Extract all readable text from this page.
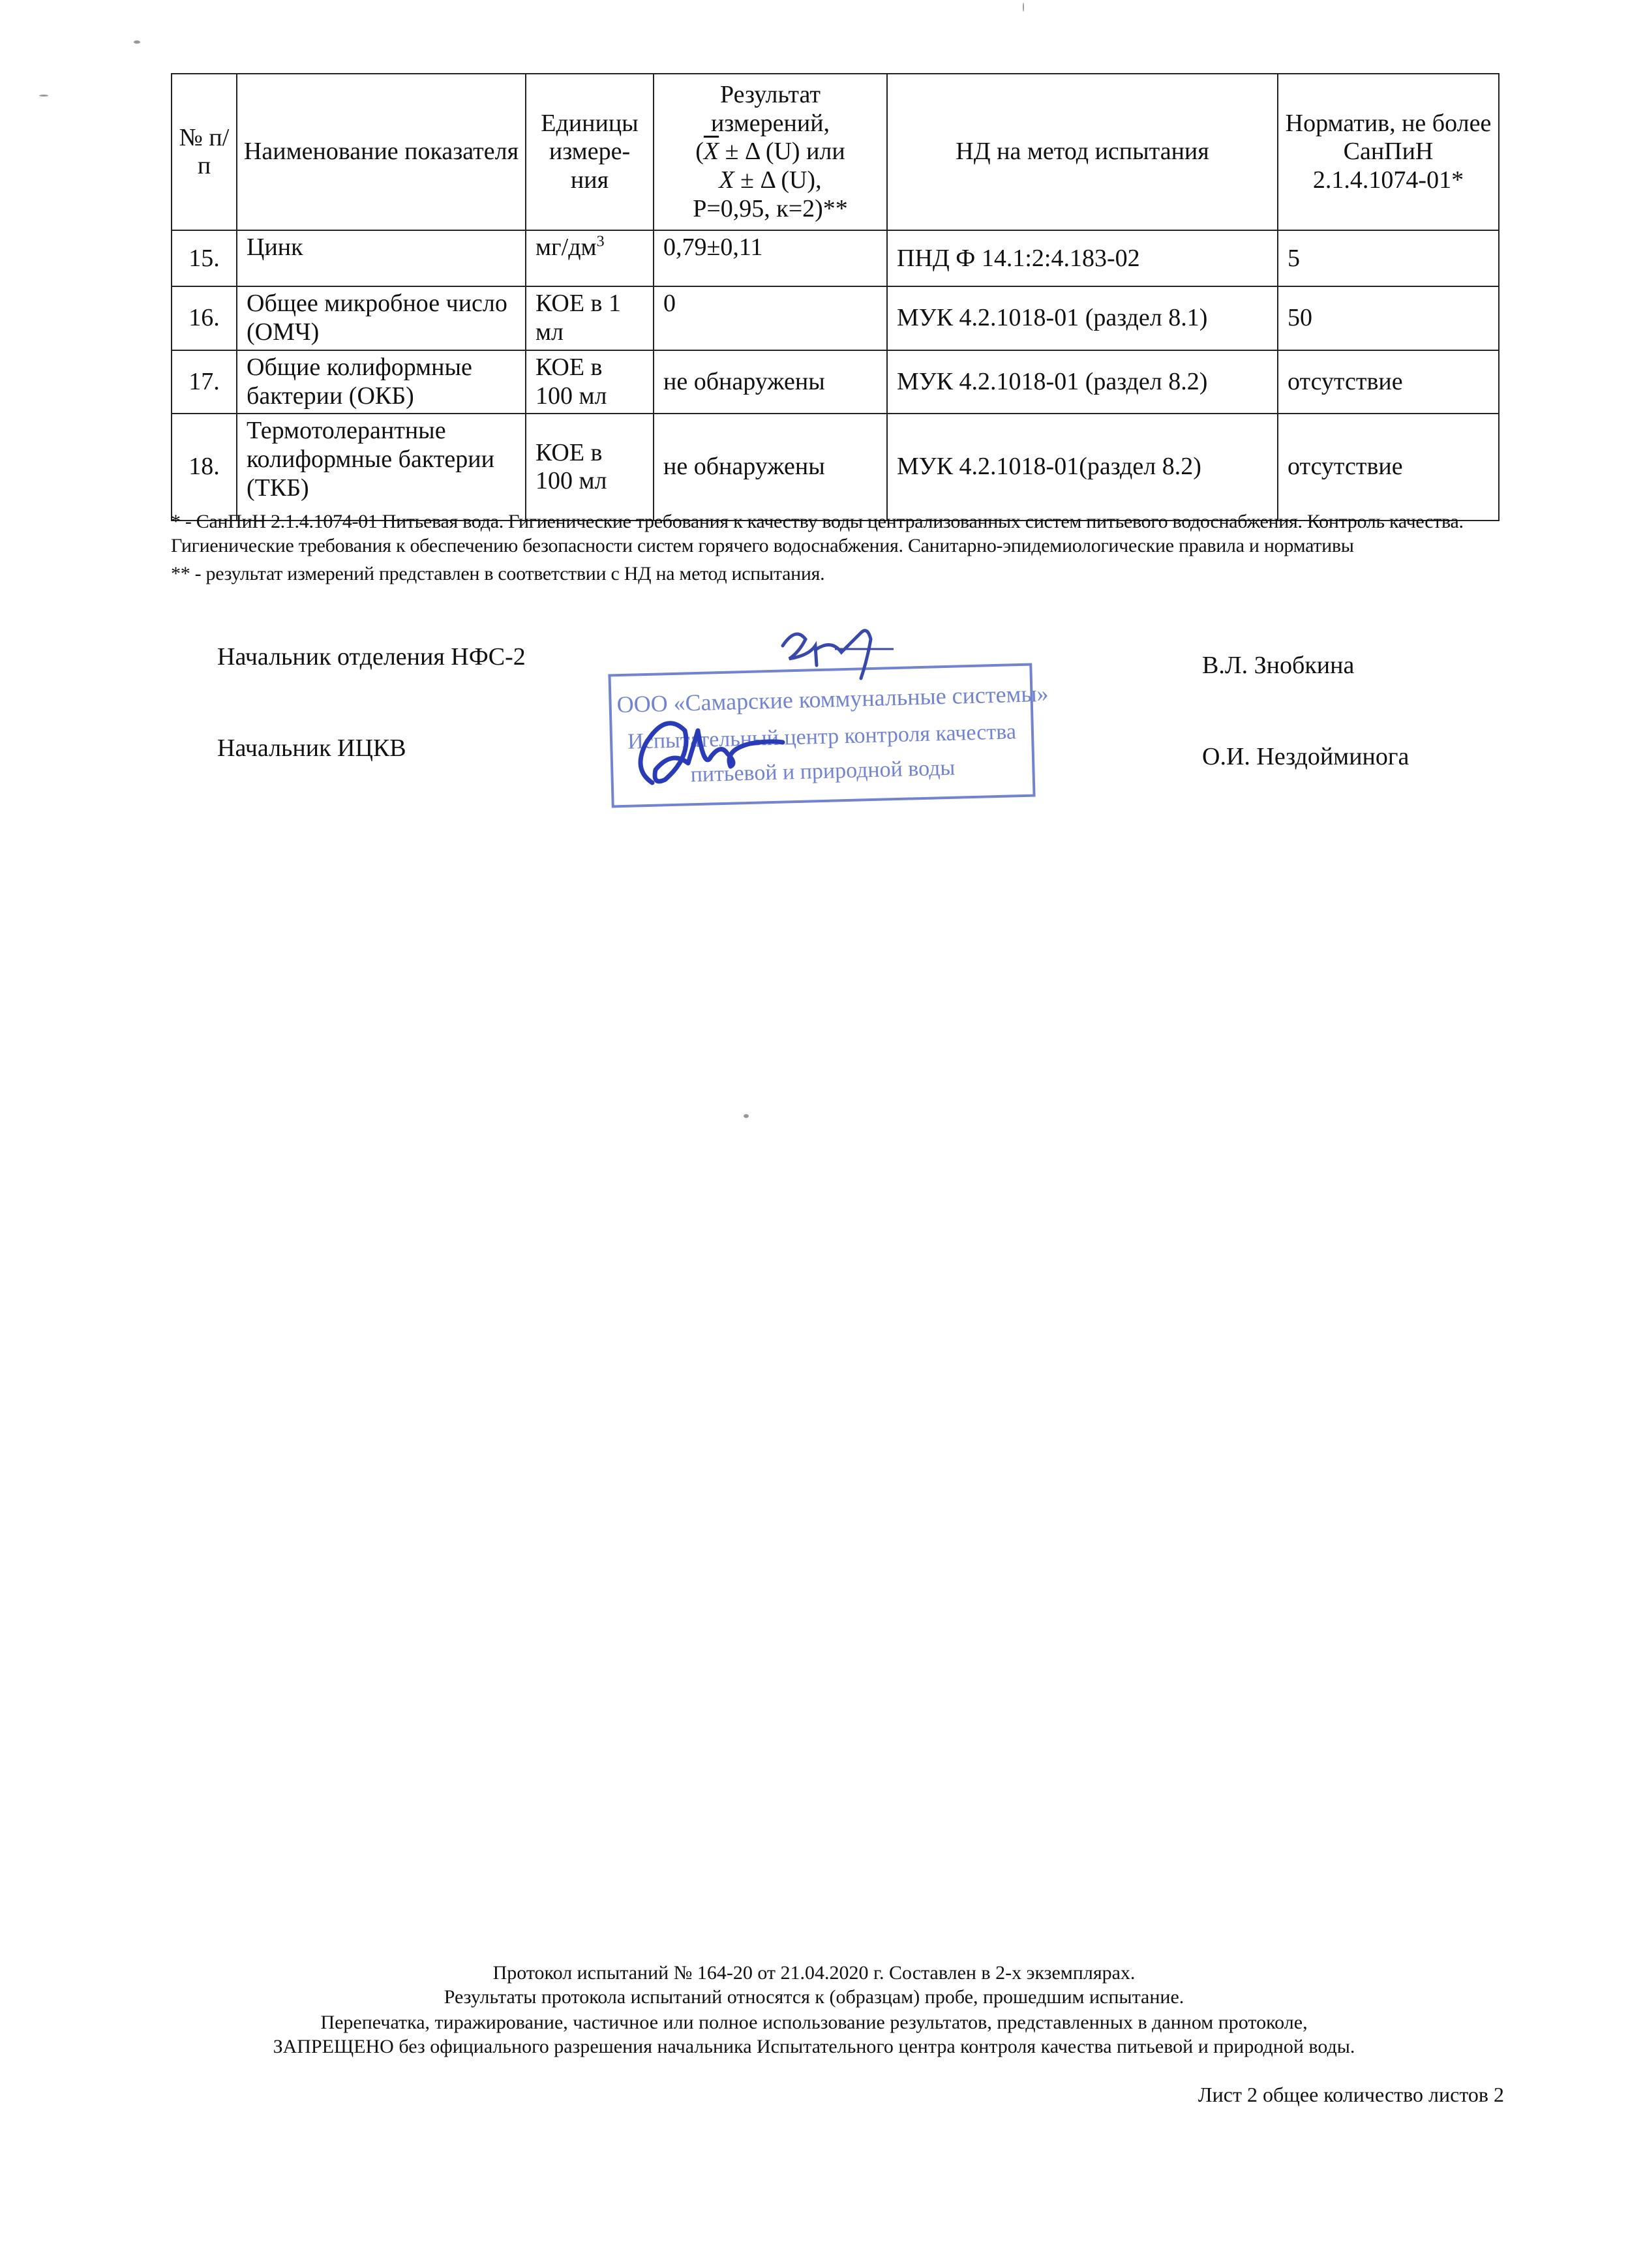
№ п/п	Наименование показателя	Единицы измере-ния	Результат измерений,
($\overline{X} \pm \Delta$ (U) или
X ± Δ (U),
P=0,95, к=2)**	НД на метод испытания	Норматив, не более СанПиН 2.1.4.1074-01*
15.	Цинк	$мг/дм^3$	0,79±0,11	ПНД Ф 14.1:2:4.183-02	5
16.	Общее микробное число (ОМЧ)	КОЕ в 1 мл	0	МУК 4.2.1018-01 (раздел 8.1)	50
17.	Общие колиформные бактерии (ОКБ)	КОЕ в 100 мл	не обнаружены	МУК 4.2.1018-01 (раздел 8.2)	отсутствие
18.	Термотолерантные колиформные бактерии (ТКБ)	КОЕ в 100 мл	не обнаружены	МУК 4.2.1018-01(раздел 8.2)	отсутствие
* - СанПиН 2.1.4.1074-01 Питьевая вода. Гигиенические требования к качеству воды централизованных систем питьевого водоснабжения. Контроль качества.
Гигиенические требования к обеспечению безопасности систем горячего водоснабжения. Санитарно-эпидемиологические правила и нормативы
** - результат измерений представлен в соответствии с НД на метод испытания.
Начальник отделения НФС-2	В.Л. Знобкина
Начальник ИЦКВ	О.И. Нездойминога
ООО «Самарские коммунальные системы»
Испытательный центр контроля качества
питьевой и природной воды
Протокол испытаний № 164-20 от 21.04.2020 г. Составлен в 2-х экземплярах.
Результаты протокола испытаний относятся к (образцам) пробе, прошедшим испытание.
Перепечатка, тиражирование, частичное или полное использование результатов, представленных в данном протоколе,
ЗАПРЕЩЕНО без официального разрешения начальника Испытательного центра контроля качества питьевой и природной воды.
Лист 2 общее количество листов 2
